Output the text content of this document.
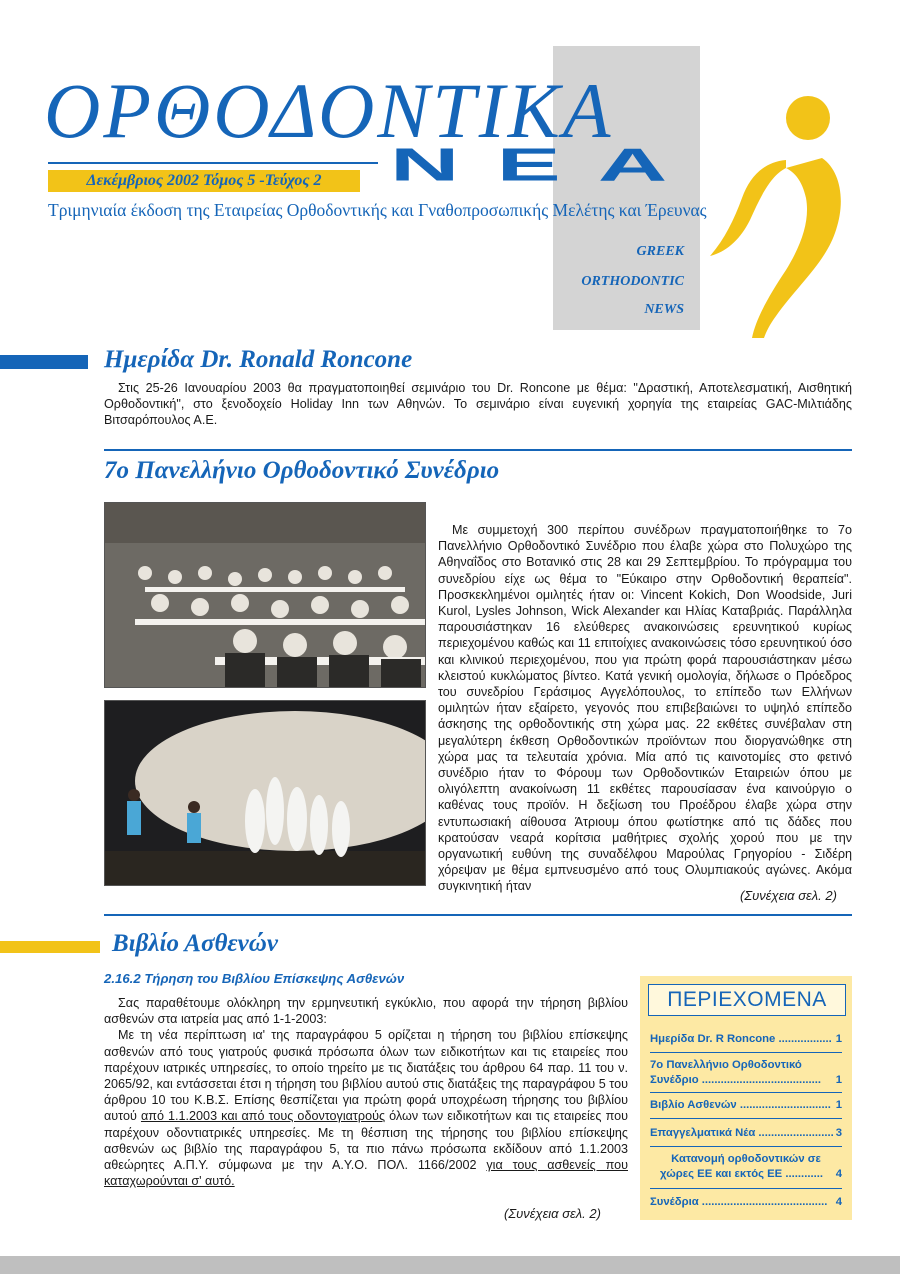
ΟΡΘΟΔΟΝΤΙΚΑ
Δεκέμβριος 2002 Τόμος 5 -Τεύχος 2	ΝΕΑ
Τριμηνιαία έκδοση της Εταιρείας Ορθοδοντικής και Γναθοπροσωπικής Μελέτης και Έρευνας
GREEK
ORTHODONTIC
NEWS
Ημερίδα Dr. Ronald Roncone

Στις 25-26 Ιανουαρίου 2003 θα πραγματοποιηθεί σεμινάριο του Dr. Roncone με θέμα: "Δραστική, Αποτελεσματική, Αισθητική Ορθοδοντική", στο ξενοδοχείο Holiday Inn των Αθηνών. Το σεμινάριο είναι ευγενική χορηγία της εταιρείας GAC-Μιλτιάδης Βιτσαρόπουλος Α.Ε.

7ο Πανελλήνιο Ορθοδοντικό Συνέδριο

Με συμμετοχή 300 περίπου συνέδρων πραγματοποιήθηκε το 7ο Πανελλήνιο Ορθοδοντικό Συνέδριο που έλαβε χώρα στο Πολυχώρο της Αθηναΐδος στο Βοτανικό στις 28 και 29 Σεπτεμβρίου. Το πρόγραμμα του συνεδρίου είχε ως θέμα το "Εύκαιρο στην Ορθοδοντική θεραπεία". Προσκεκλημένοι ομιλητές ήταν οι: Vincent Kokich, Don Woodside, Juri Kurol, Lysles Johnson, Wick Alexander και Ηλίας Καταβριάς. Παράλληλα παρουσιάστηκαν 16 ελεύθερες ανακοινώσεις ερευνητικού κυρίως περιεχομένου καθώς και 11 επιτοίχιες ανακοινώσεις τόσο ερευνητικού όσο και κλινικού περιεχομένου, που για πρώτη φορά παρουσιάστηκαν μέσω κλειστού κυκλώματος βίντεο. Κατά γενική ομολογία, δήλωσε ο Πρόεδρος του συνεδρίου Γεράσιμος Αγγελόπουλος, το επίπεδο των Ελλήνων ομιλητών ήταν εξαίρετο, γεγονός που επιβεβαιώνει το υψηλό επίπεδο άσκησης της ορθοδοντικής στη χώρα μας. 22 εκθέτες συνέβαλαν στη μεγαλύτερη έκθεση Ορθοδοντικών προϊόντων που διοργανώθηκε στη χώρα μας τα τελευταία χρόνια. Μία από τις καινοτομίες στο φετινό συνέδριο ήταν το Φόρουμ των Ορθοδοντικών Εταιρειών όπου με ολιγόλεπτη ανακοίνωση 11 εκθέτες παρουσίασαν ένα καινούργιο ο καθένας τους προϊόν. Η δεξίωση του Προέδρου έλαβε χώρα στην εντυπωσιακή αίθουσα Άτριουμ όπου φωτίστηκε από τις δάδες που κρατούσαν νεαρά κορίτσια μαθήτριες σχολής χορού που με την οργανωτική ευθύνη της συναδέλφου Μαρούλας Γρηγορίου - Σιδέρη χόρεψαν με θέμα εμπνευσμένο από τους Ολυμπιακούς αγώνες. Ακόμα συγκινητική ήταν

(Συνέχεια σελ. 2)
Βιβλίο Ασθενών
2.16.2 Τήρηση του Βιβλίου Επίσκεψης Ασθενών

Σας παραθέτουμε ολόκληρη την ερμηνευτική εγκύκλιο, που αφορά την τήρηση βιβλίου ασθενών στα ιατρεία μας από 1-1-2003:

Με τη νέα περίπτωση ια' της παραγράφου 5 ορίζεται η τήρηση του βιβλίου επίσκεψης ασθενών από τους γιατρούς φυσικά πρόσωπα όλων των ειδικοτήτων και τις εταιρείες που παρέχουν ιατρικές υπηρεσίες, το οποίο τηρείτο με τις διατάξεις του άρθρου 64 παρ. 11 του ν. 2065/92, και εντάσσεται έτσι η τήρηση του βιβλίου αυτού στις διατάξεις της παραγράφου 5 του άρθρου 10 του Κ.Β.Σ. Επίσης θεσπίζεται για πρώτη φορά υποχρέωση τήρησης του βιβλίου αυτού από 1.1.2003 και από τους οδοντογιατρούς όλων των ειδικοτήτων και τις εταιρείες που παρέχουν οδοντιατρικές υπηρεσίες. Με τη θέσπιση της τήρησης του βιβλίου επίσκεψης ασθενών ως βιβλίο της παραγράφου 5, τα πιο πάνω πρόσωπα εκδίδουν από 1.1.2003 αθεώρητες Α.Π.Υ. σύμφωνα με την Α.Υ.Ο. ΠΟΛ. 1166/2002 για τους ασθενείς που καταχωρούνται σ' αυτό.

(Συνέχεια σελ. 2)
ΠΕΡΙΕΧΟΜΕΝΑ
Ημερίδα Dr. R Roncone ................. 1
7ο Πανελλήνιο Ορθοδοντικό
Συνέδριο ...................................... 1
Βιβλίο Ασθενών ............................. 1
Επαγγελματικά Νέα ........................ 3
Κατανομή ορθοδοντικών σε
χώρες ΕΕ και εκτός ΕΕ ............ 4
Συνέδρια ........................................ 4
